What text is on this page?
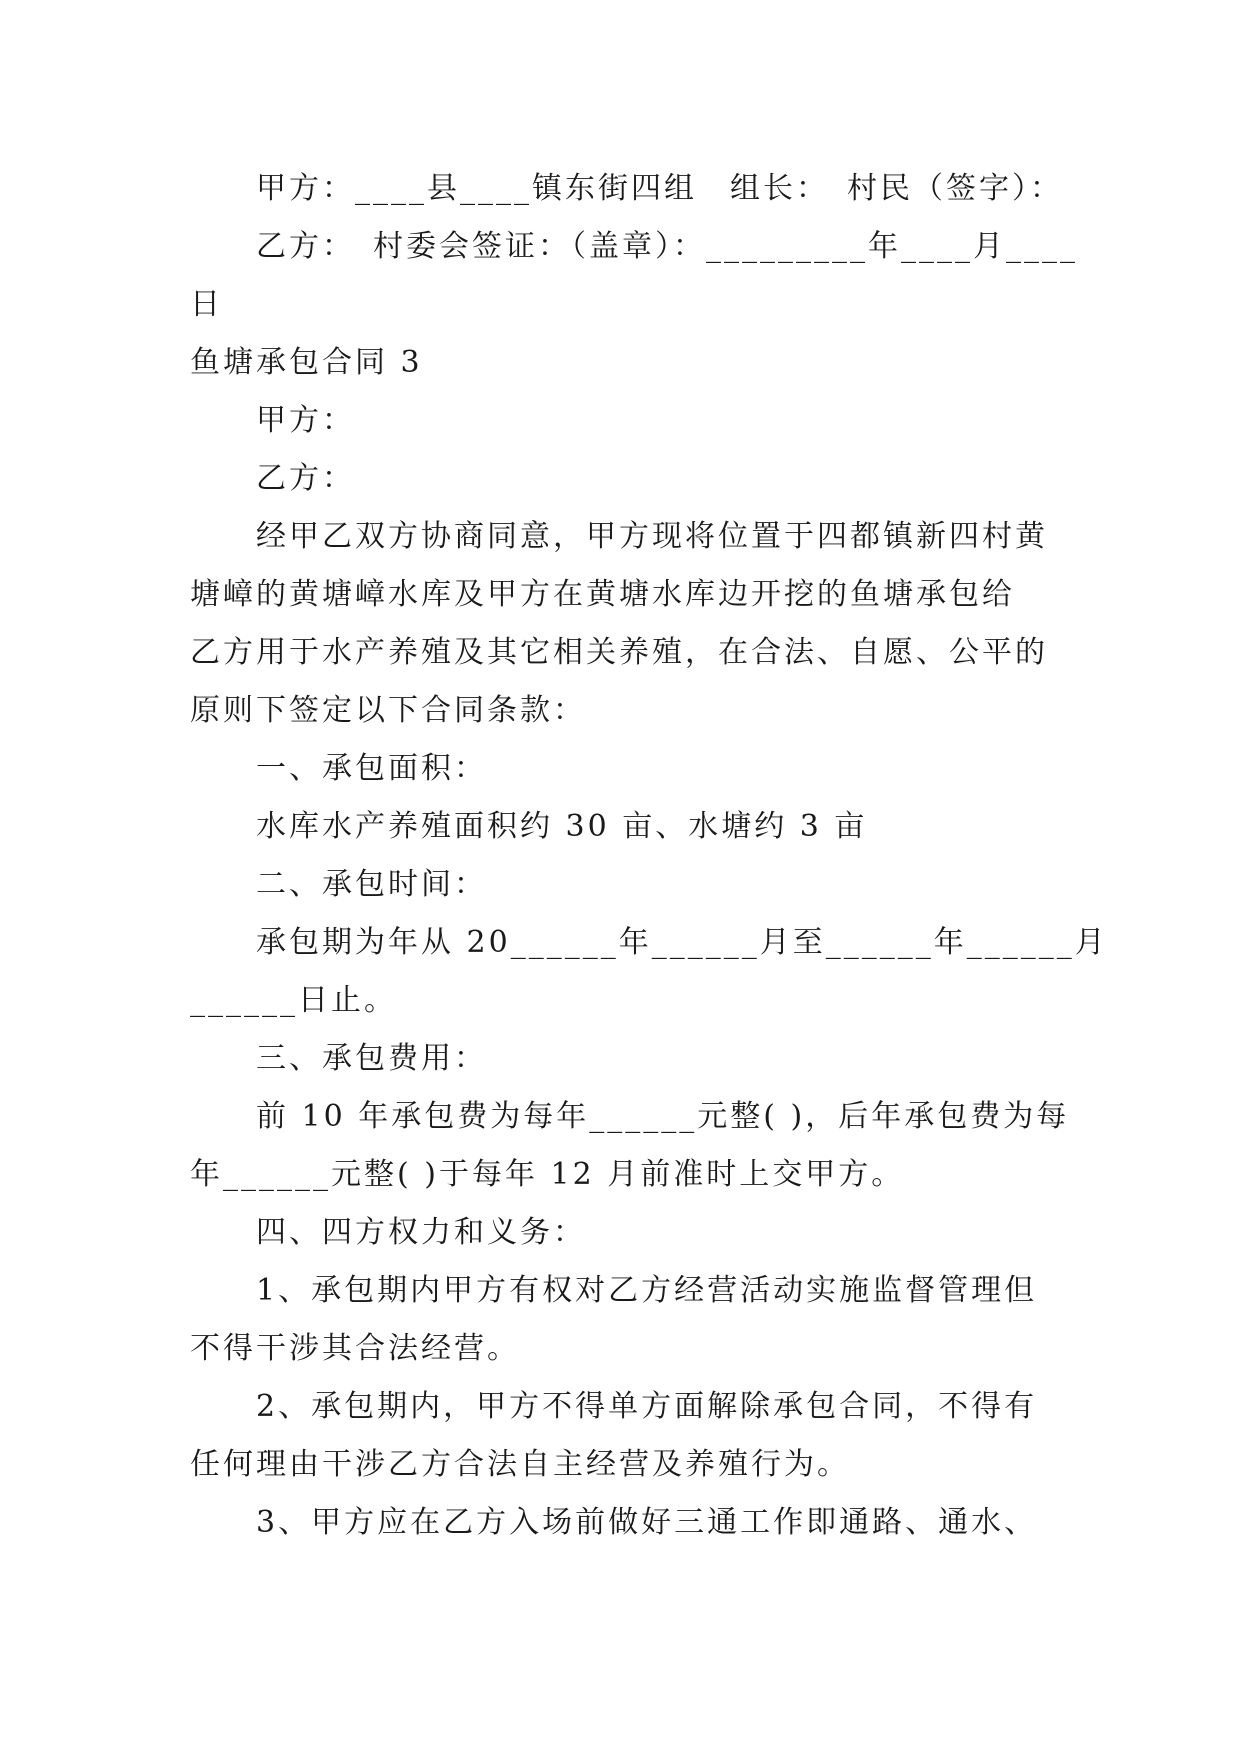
甲方：____县____镇东街四组　组长：　村民（签字）：
乙方：　村委会签证：（盖章）：_________年____月____
日
鱼塘承包合同 3
甲方：
乙方：
经甲乙双方协商同意，甲方现将位置于四都镇新四村黄
塘嶂的黄塘嶂水库及甲方在黄塘水库边开挖的鱼塘承包给
乙方用于水产养殖及其它相关养殖，在合法、自愿、公平的
原则下签定以下合同条款：
一、承包面积：
水库水产养殖面积约 30 亩、水塘约 3 亩
二、承包时间：
承包期为年从 20______年______月至______年______月
______日止。
三、承包费用：
前 10 年承包费为每年______元整( )，后年承包费为每
年______元整( )于每年 12 月前准时上交甲方。
四、四方权力和义务：
1、承包期内甲方有权对乙方经营活动实施监督管理但
不得干涉其合法经营。
2、承包期内，甲方不得单方面解除承包合同，不得有
任何理由干涉乙方合法自主经营及养殖行为。
3、甲方应在乙方入场前做好三通工作即通路、通水、
